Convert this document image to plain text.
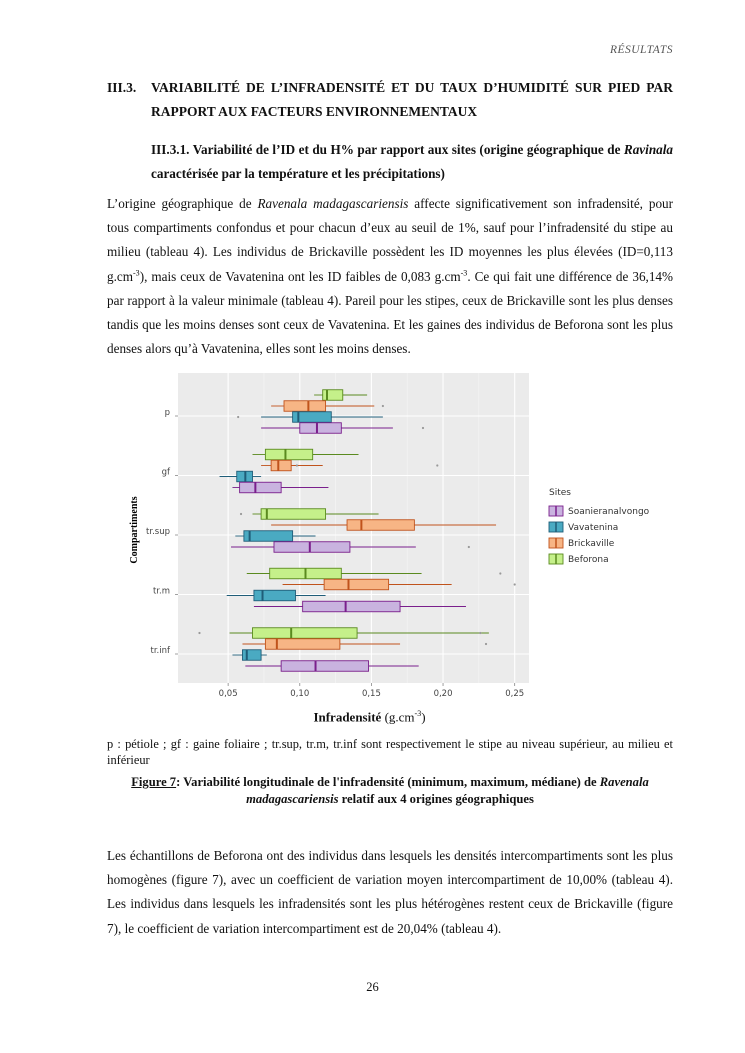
RÉSULTATS
III.3. VARIABILITÉ DE L’INFRADENSITÉ ET DU TAUX D’HUMIDITÉ SUR PIED PAR RAPPORT AUX FACTEURS ENVIRONNEMENTAUX
III.3.1. Variabilité de l’ID et du H% par rapport aux sites (origine géographique de Ravinala caractérisée par la température et les précipitations)
L’origine géographique de Ravenala madagascariensis affecte significativement son infradensité, pour tous compartiments confondus et pour chacun d’eux au seuil de 1%, sauf pour l’infradensité du stipe au milieu (tableau 4). Les individus de Brickaville possèdent les ID moyennes les plus élevées (ID=0,113 $g.cm^{-3}$), mais ceux de Vavatenina ont les ID faibles de 0,083 $g.cm^{-3}$. Ce qui fait une différence de 36,14% par rapport à la valeur minimale (tableau 4). Pareil pour les stipes, ceux de Brickaville sont les plus denses tandis que les moins denses sont ceux de Vavatenina. Et les gaines des individus de Beforona sont les plus denses alors qu’à Vavatenina, elles sont les moins denses.
0,05	0,10	0,15	0,20	0,25
p
gf
tr.sup
tr.m
tr.inf
Sites
Soanieranalvongo
Vavatenina
Brickaville
Beforona
Compartiments
Infradensité $(g.cm^{-3})$
p : pétiole ; gf : gaine foliaire ; tr.sup, tr.m, tr.inf sont respectivement le stipe au niveau supérieur, au milieu et inférieur
Figure 7: Variabilité longitudinale de l'infradensité (minimum, maximum, médiane) de Ravenala madagascariensis relatif aux 4 origines géographiques
Les échantillons de Beforona ont des individus dans lesquels les densités intercompartiments sont les plus homogènes (figure 7), avec un coefficient de variation moyen intercompartiment de 10,00% (tableau 4). Les individus dans lesquels les infradensités sont les plus hétérogènes restent ceux de Brickaville (figure 7), le coefficient de variation intercompartiment est de 20,04% (tableau 4).
26
